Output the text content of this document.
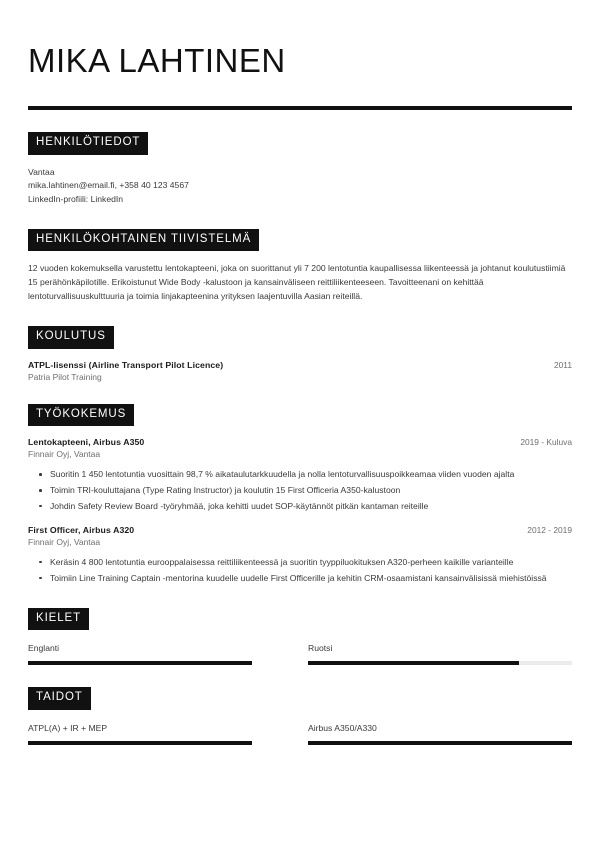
MIKA LAHTINEN
HENKILÖTIEDOT
Vantaa
mika.lahtinen@email.fi, +358 40 123 4567
LinkedIn-profiili: LinkedIn
HENKILÖKOHTAINEN TIIVISTELMÄ

12 vuoden kokemuksella varustettu lentokapteeni, joka on suorittanut yli 7 200 lentotuntia kaupallisessa liikenteessä ja johtanut koulutustiimiä 15 perähönkäpilotille. Erikoistunut Wide Body -kalustoon ja kansainväliseen reittiliikenteeseen. Tavoitteenani on kehittää lentoturvallisuuskulttuuria ja toimia linjakapteenina yrityksen laajentuvilla Aasian reiteillä.

KOULUTUS
ATPL-lisenssi (Airline Transport Pilot Licence)	2011
Patria Pilot Training
TYÖKOKEMUS
Lentokapteeni, Airbus A350	2019 - Kuluva
Finnair Oyj, Vantaa
Suoritin 1 450 lentotuntia vuosittain 98,7 % aikataulutarkkuudella ja nolla lentoturvallisuuspoikkeamaa viiden vuoden ajalta
Toimin TRI-kouluttajana (Type Rating Instructor) ja koulutin 15 First Officeria A350-kalustoon
Johdin Safety Review Board -työryhmää, joka kehitti uudet SOP-käytännöt pitkän kantaman reiteille
First Officer, Airbus A320	2012 - 2019
Finnair Oyj, Vantaa
Keräsin 4 800 lentotuntia eurooppalaisessa reittiliikenteessä ja suoritin tyyppiluokituksen A320-perheen kaikille varianteille
Toimiin Line Training Captain -mentorina kuudelle uudelle First Officerille ja kehitin CRM-osaamistani kansainvälisissä miehistöissä
KIELET
Englanti	Ruotsi
TAIDOT
ATPL(A) + IR + MEP	Airbus A350/A330
